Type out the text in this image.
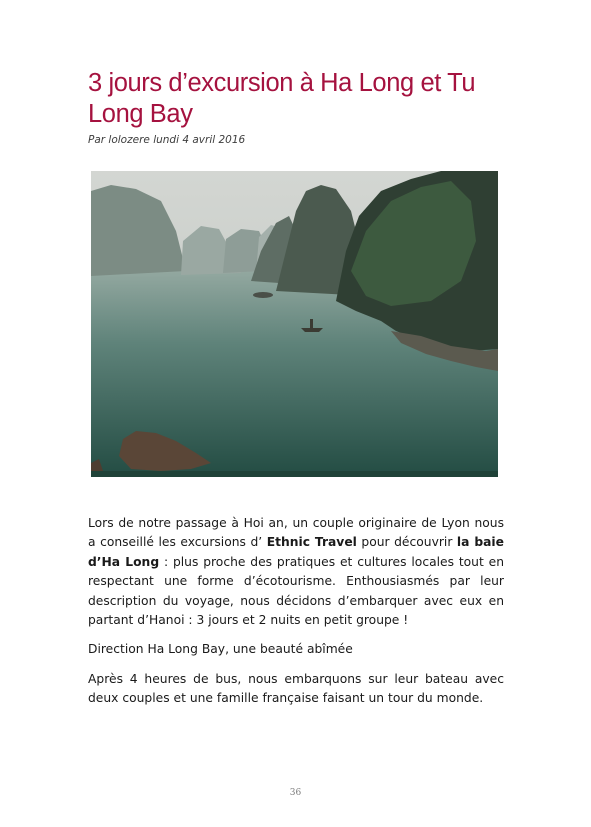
3 jours d’excursion à Ha Long et Tu Long Bay
Par lolozere lundi 4 avril 2016

Lors de notre passage à Hoi an, un couple originaire de Lyon nous a conseillé les excursions d’ Ethnic Travel pour découvrir la baie d’Ha Long : plus proche des pratiques et cultures locales tout en respectant une forme d’écotourisme. Enthousiasmés par leur description du voyage, nous décidons d’embarquer avec eux en partant d’Hanoi : 3 jours et 2 nuits en petit groupe !

Direction Ha Long Bay, une beauté abîmée

Après 4 heures de bus, nous embarquons sur leur bateau avec deux couples et une famille française faisant un tour du monde.

36
